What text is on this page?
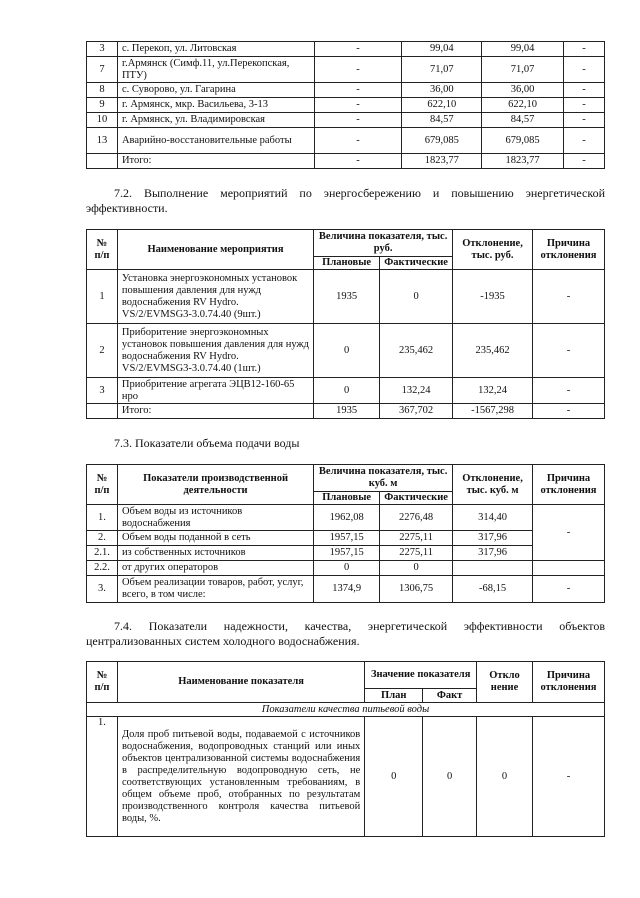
3	с. Перекоп, ул. Литовская	-	99,04	99,04	-
7	г.Армянск (Симф.11, ул.Перекопская, ПТУ)	-	71,07	71,07	-
8	с. Суворово, ул. Гагарина	-	36,00	36,00	-
9	г. Армянск, мкр. Васильева, 3-13	-	622,10	622,10	-
10	г. Армянск, ул. Владимировская	-	84,57	84,57	-
13	Аварийно-восстановительные работы	-	679,085	679,085	-
	Итого:	-	1823,77	1823,77	-
7.2. Выполнение мероприятий по энергосбережению и повышению энергетической эффективности.
№ п/п	Наименование мероприятия	Величина показателя, тыс. руб.		Отклонение, тыс. руб.	Причина отклонения
		Плановые	Фактические		
1	Установка энергоэкономных установок повышения давления для нужд водоснабжения RV Hydro. VS/2/EVMSG3-3.0.74.40 (9шт.)	1935	0	-1935	-
2	Приборитение энергоэкономных установок повышения давления для нужд водоснабжения RV Hydro. VS/2/EVMSG3-3.0.74.40 (1шт.)	0	235,462	235,462	-
3	Приобритение агрегата ЭЦВ12-160-65 нро	0	132,24	132,24	-
	Итого:	1935	367,702	-1567,298	-
7.3. Показатели объема подачи воды
№ п/п	Показатели производственной деятельности	Величина показателя, тыс. куб. м		Отклонение, тыс. куб. м	Причина отклонения
		Плановые	Фактические		
1.	Объем воды из источников водоснабжения	1962,08	2276,48	314,40	-
2.	Объем воды поданной в сеть	1957,15	2275,11	317,96	
2.1.	из собственных источников	1957,15	2275,11	317,96	
2.2.	от других операторов	0	0		
3.	Объем реализации товаров, работ, услуг, всего, в том числе:	1374,9	1306,75	-68,15	-
7.4. Показатели надежности, качества, энергетической эффективности объектов централизованных систем холодного водоснабжения.
№ п/п	Наименование показателя	Значение показателя		Откло нение	Причина отклонения
		План	Факт		
Показатели качества питьевой воды					
1.	Доля проб питьевой воды, подаваемой с источников водоснабжения, водопроводных станций или иных объектов централизованной системы водоснабжения в распределительную водопроводную сеть, не соответствующих установленным требованиям, в общем объеме проб, отобранных по результатам производственного контроля качества питьевой воды, %.	0	0	0	-
